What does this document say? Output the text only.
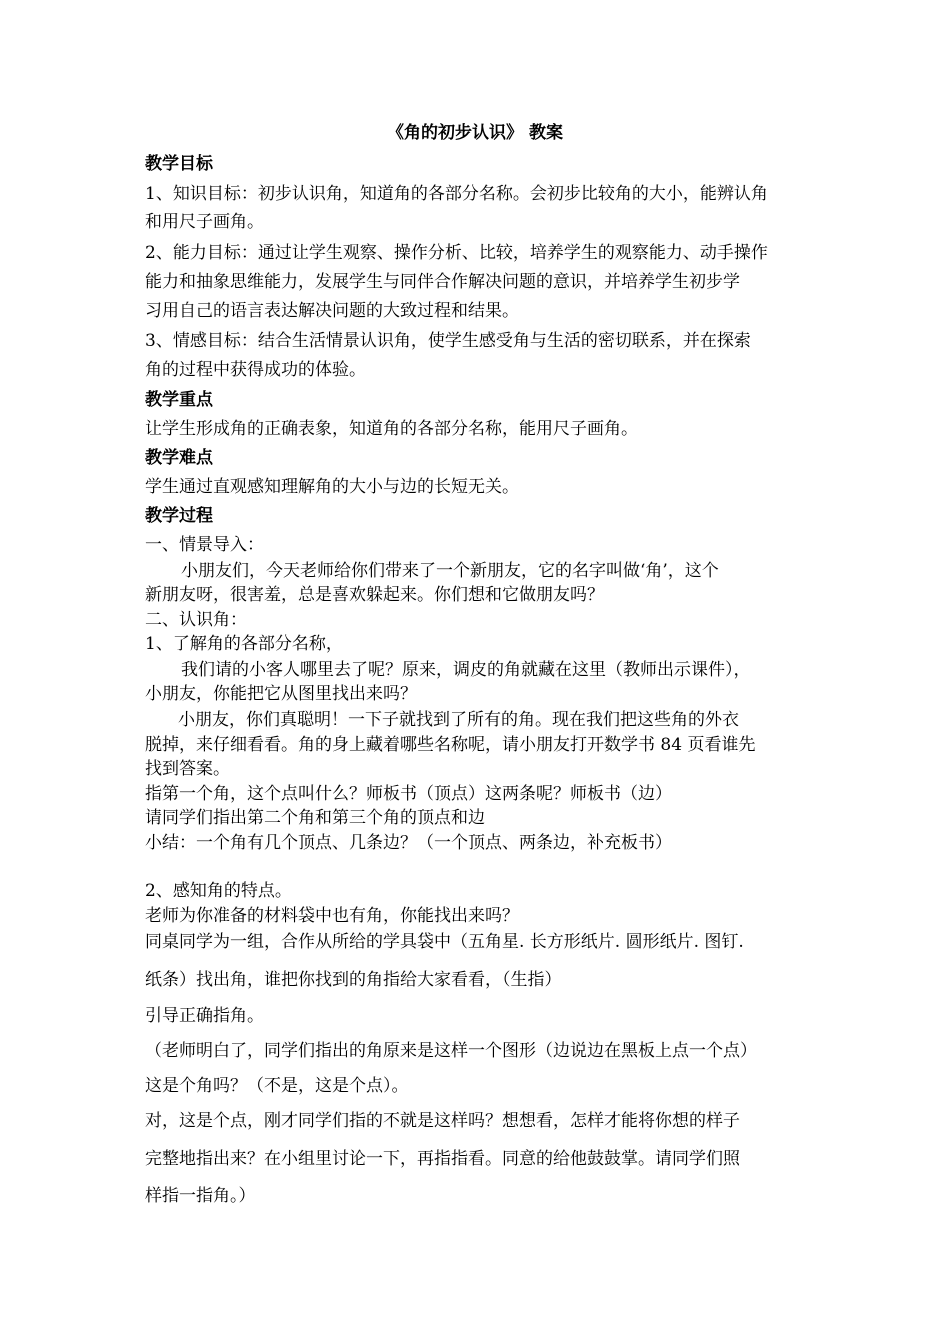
《角的初步认识》 教案
教学目标
1、知识目标：初步认识角，知道角的各部分名称。会初步比较角的大小，能辨认角
和用尺子画角。
2、能力目标：通过让学生观察、操作分析、比较，培养学生的观察能力、动手操作
能力和抽象思维能力，发展学生与同伴合作解决问题的意识，并培养学生初步学
习用自己的语言表达解决问题的大致过程和结果。
3、情感目标：结合生活情景认识角，使学生感受角与生活的密切联系，并在探索
角的过程中获得成功的体验。
教学重点
让学生形成角的正确表象，知道角的各部分名称，能用尺子画角。
教学难点
学生通过直观感知理解角的大小与边的长短无关。
教学过程
一、情景导入：
小朋友们，今天老师给你们带来了一个新朋友，它的名字叫做‘角’，这个
新朋友呀，很害羞，总是喜欢躲起来。你们想和它做朋友吗？
二、认识角：
1、了解角的各部分名称，
我们请的小客人哪里去了呢？原来，调皮的角就藏在这里（教师出示课件），
小朋友，你能把它从图里找出来吗？
小朋友，你们真聪明！一下子就找到了所有的角。现在我们把这些角的外衣
脱掉，来仔细看看。角的身上藏着哪些名称呢，请小朋友打开数学书 84 页看谁先
找到答案。
指第一个角，这个点叫什么？师板书（顶点）这两条呢？师板书（边）
请同学们指出第二个角和第三个角的顶点和边
小结：一个角有几个顶点、几条边？（一个顶点、两条边，补充板书）
2、感知角的特点。
老师为你准备的材料袋中也有角，你能找出来吗？
同桌同学为一组，合作从所给的学具袋中（五角星. 长方形纸片. 圆形纸片. 图钉.
纸条）找出角，谁把你找到的角指给大家看看，（生指）
引导正确指角。
（老师明白了，同学们指出的角原来是这样一个图形（边说边在黑板上点一个点）
这是个角吗？（不是，这是个点）。
对，这是个点，刚才同学们指的不就是这样吗？想想看，怎样才能将你想的样子
完整地指出来？在小组里讨论一下，再指指看。同意的给他鼓鼓掌。请同学们照
样指一指角。）
